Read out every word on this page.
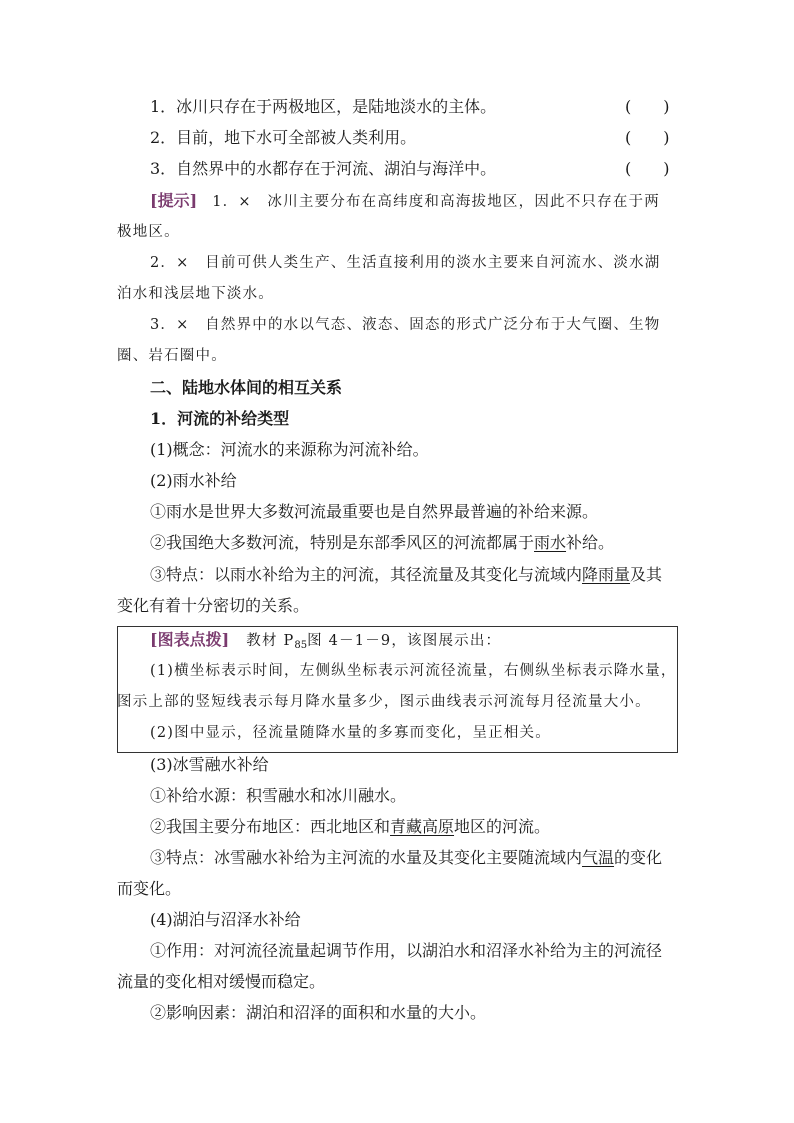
1．冰川只存在于两极地区，是陆地淡水的主体。	(　　)
2．目前，地下水可全部被人类利用。	(　　)
3．自然界中的水都存在于河流、湖泊与海洋中。	(　　)
[提示] 1．×　冰川主要分布在高纬度和高海拔地区，因此不只存在于两
极地区。
2．×　目前可供人类生产、生活直接利用的淡水主要来自河流水、淡水湖
泊水和浅层地下淡水。
3．×　自然界中的水以气态、液态、固态的形式广泛分布于大气圈、生物
圈、岩石圈中。
二、陆地水体间的相互关系
1．河流的补给类型
(1)概念：河流水的来源称为河流补给。
(2)雨水补给
①雨水是世界大多数河流最重要也是自然界最普遍的补给来源。
②我国绝大多数河流，特别是东部季风区的河流都属于雨水补给。
③特点：以雨水补给为主的河流，其径流量及其变化与流域内降雨量及其
变化有着十分密切的关系。
[图表点拨] 教材 $P_{85}$图 4－1－9，该图展示出：
(1)横坐标表示时间，左侧纵坐标表示河流径流量，右侧纵坐标表示降水量，
图示上部的竖短线表示每月降水量多少，图示曲线表示河流每月径流量大小。
(2)图中显示，径流量随降水量的多寡而变化，呈正相关。
(3)冰雪融水补给
①补给水源：积雪融水和冰川融水。
②我国主要分布地区：西北地区和青藏高原地区的河流。
③特点：冰雪融水补给为主河流的水量及其变化主要随流域内气温的变化
而变化。
(4)湖泊与沼泽水补给
①作用：对河流径流量起调节作用，以湖泊水和沼泽水补给为主的河流径
流量的变化相对缓慢而稳定。
②影响因素：湖泊和沼泽的面积和水量的大小。
